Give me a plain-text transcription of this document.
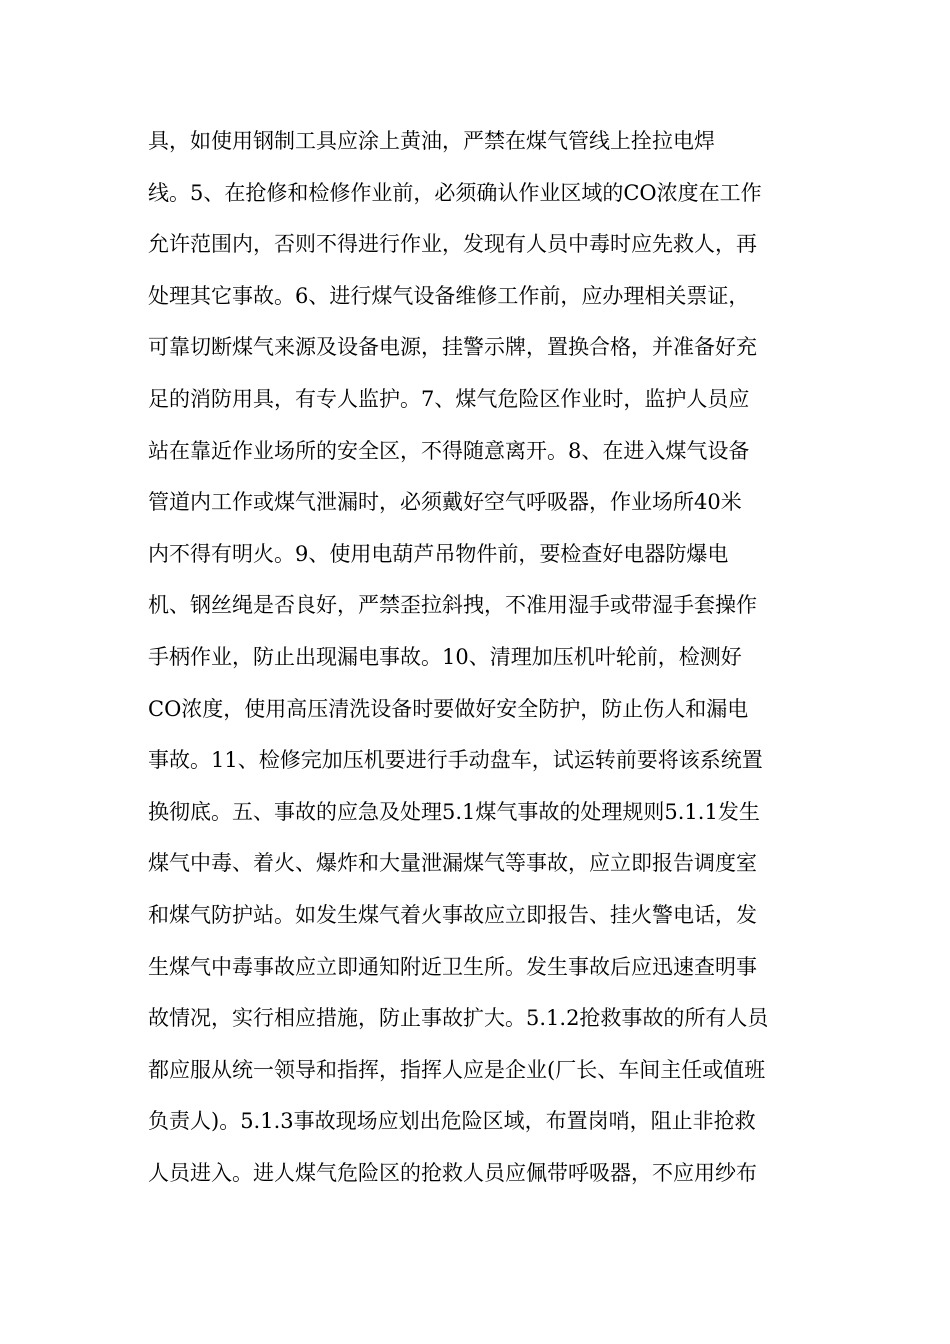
具，如使用钢制工具应涂上黄油，严禁在煤气管线上拴拉电焊
线。5、在抢修和检修作业前，必须确认作业区域的CO浓度在工作
允许范围内，否则不得进行作业，发现有人员中毒时应先救人，再
处理其它事故。6、进行煤气设备维修工作前，应办理相关票证，
可靠切断煤气来源及设备电源，挂警示牌，置换合格，并准备好充
足的消防用具，有专人监护。7、煤气危险区作业时，监护人员应
站在靠近作业场所的安全区，不得随意离开。8、在进入煤气设备
管道内工作或煤气泄漏时，必须戴好空气呼吸器，作业场所40米
内不得有明火。9、使用电葫芦吊物件前，要检查好电器防爆电
机、钢丝绳是否良好，严禁歪拉斜拽，不准用湿手或带湿手套操作
手柄作业，防止出现漏电事故。10、清理加压机叶轮前，检测好
CO浓度，使用高压清洗设备时要做好安全防护，防止伤人和漏电
事故。11、检修完加压机要进行手动盘车，试运转前要将该系统置
换彻底。五、事故的应急及处理5.1煤气事故的处理规则5.1.1发生
煤气中毒、着火、爆炸和大量泄漏煤气等事故，应立即报告调度室
和煤气防护站。如发生煤气着火事故应立即报告、挂火警电话，发
生煤气中毒事故应立即通知附近卫生所。发生事故后应迅速查明事
故情况，实行相应措施，防止事故扩大。5.1.2抢救事故的所有人员
都应服从统一领导和指挥，指挥人应是企业(厂长、车间主任或值班
负责人)。5.1.3事故现场应划出危险区域，布置岗哨，阻止非抢救
人员进入。进人煤气危险区的抢救人员应佩带呼吸器，不应用纱布
